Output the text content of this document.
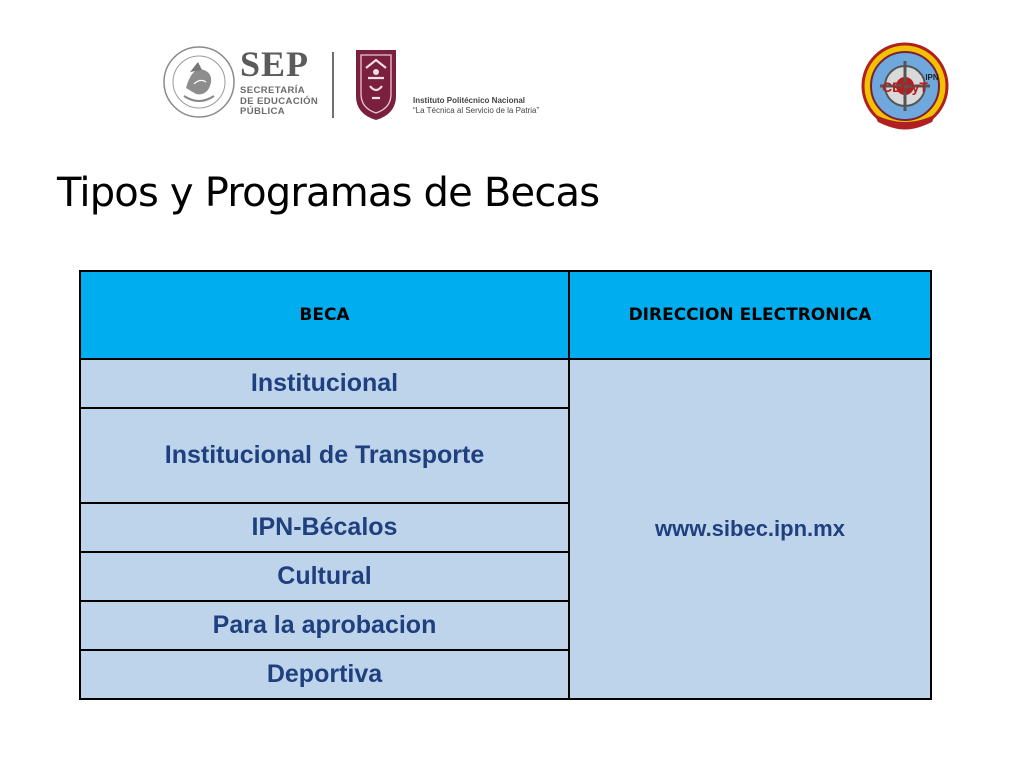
SEP
SECRETARÍA
DE EDUCACIÓN
PÚBLICA
Instituto Politécnico Nacional
“La Técnica al Servicio de la Patria”
CECyT
IPN
Tipos y Programas de Becas
BECA	DIRECCION ELECTRONICA
Institucional	www.sibec.ipn.mx
Institucional de Transporte	
IPN-Bécalos	
Cultural	
Para la aprobacion	
Deportiva	
